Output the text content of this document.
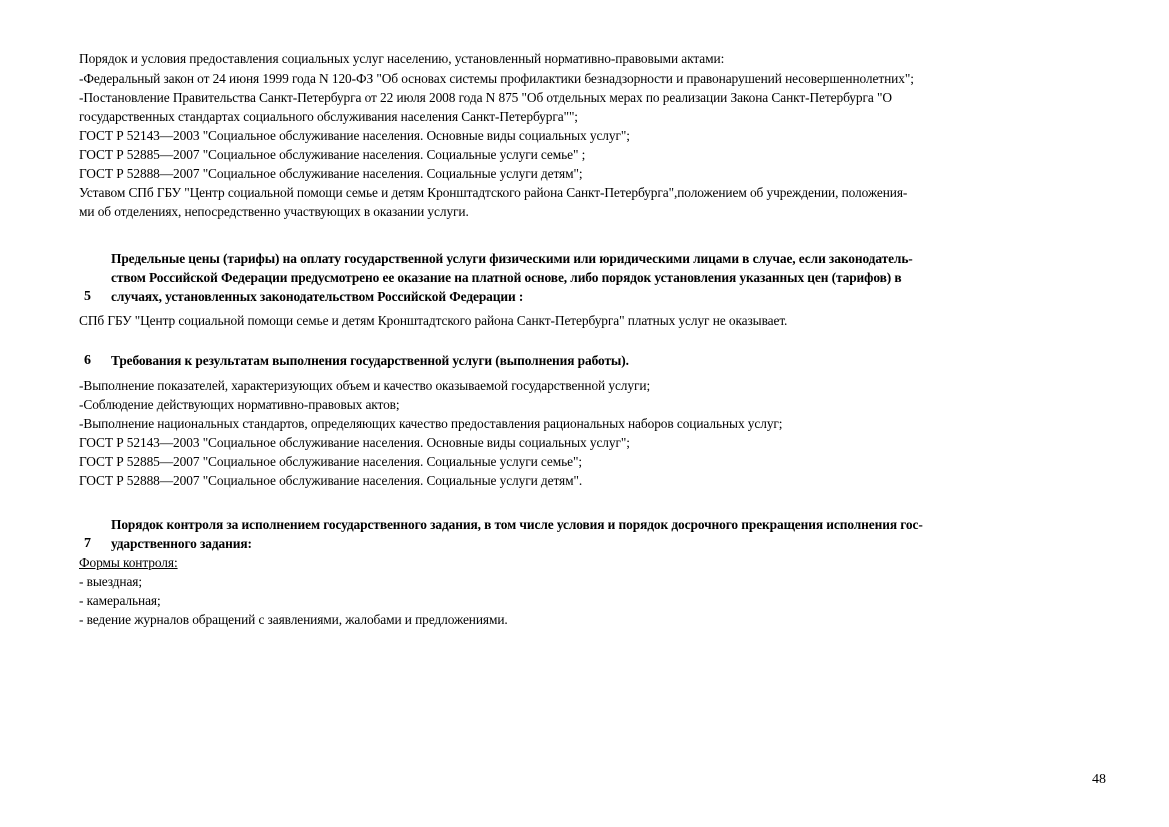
Порядок и условия предоставления социальных услуг населению, установленный нормативно-правовыми актами:
-Федеральный закон от 24 июня 1999 года N 120-ФЗ "Об основах системы профилактики безнадзорности и правонарушений несовершеннолетних";
-Постановление Правительства Санкт-Петербурга от 22 июля 2008 года N 875 "Об отдельных мерах по реализации Закона Санкт-Петербурга "О
государственных стандартах социального обслуживания населения Санкт-Петербурга"";
ГОСТ Р 52143—2003 "Социальное обслуживание населения. Основные виды социальных услуг";
ГОСТ Р 52885—2007 "Социальное обслуживание населения. Социальные услуги семье" ;
ГОСТ Р 52888—2007 "Социальное обслуживание населения. Социальные услуги детям";
Уставом СПб ГБУ "Центр социальной помощи семье и детям Кронштадтского района Санкт-Петербурга",положением об учреждении, положения-
ми об отделениях, непосредственно участвующих в оказании услуги.
Предельные цены (тарифы) на оплату государственной услуги физическими или юридическими лицами в случае, если законодатель-
ством Российской Федерации предусмотрено ее оказание на платной основе, либо порядок установления указанных цен (тарифов) в
5 случаях, установленных законодательством Российской Федерации :
СПб ГБУ "Центр социальной помощи семье и детям Кронштадтского района Санкт-Петербурга" платных услуг не оказывает.
6 Требования к результатам выполнения государственной услуги (выполнения работы).
-Выполнение показателей, характеризующих объем и качество оказываемой государственной услуги;
-Соблюдение действующих нормативно-правовых актов;
-Выполнение национальных стандартов, определяющих качество предоставления рациональных наборов социальных услуг;
ГОСТ Р 52143—2003 "Социальное обслуживание населения. Основные виды социальных услуг";
ГОСТ Р 52885—2007 "Социальное обслуживание населения. Социальные услуги семье";
ГОСТ Р 52888—2007 "Социальное обслуживание населения. Социальные услуги детям".
Порядок контроля за исполнением государственного задания, в том числе условия и порядок досрочного прекращения исполнения гос-
7 ударственного задания:
Формы контроля:
- выездная;
- камеральная;
- ведение журналов обращений с заявлениями, жалобами и предложениями.
48
